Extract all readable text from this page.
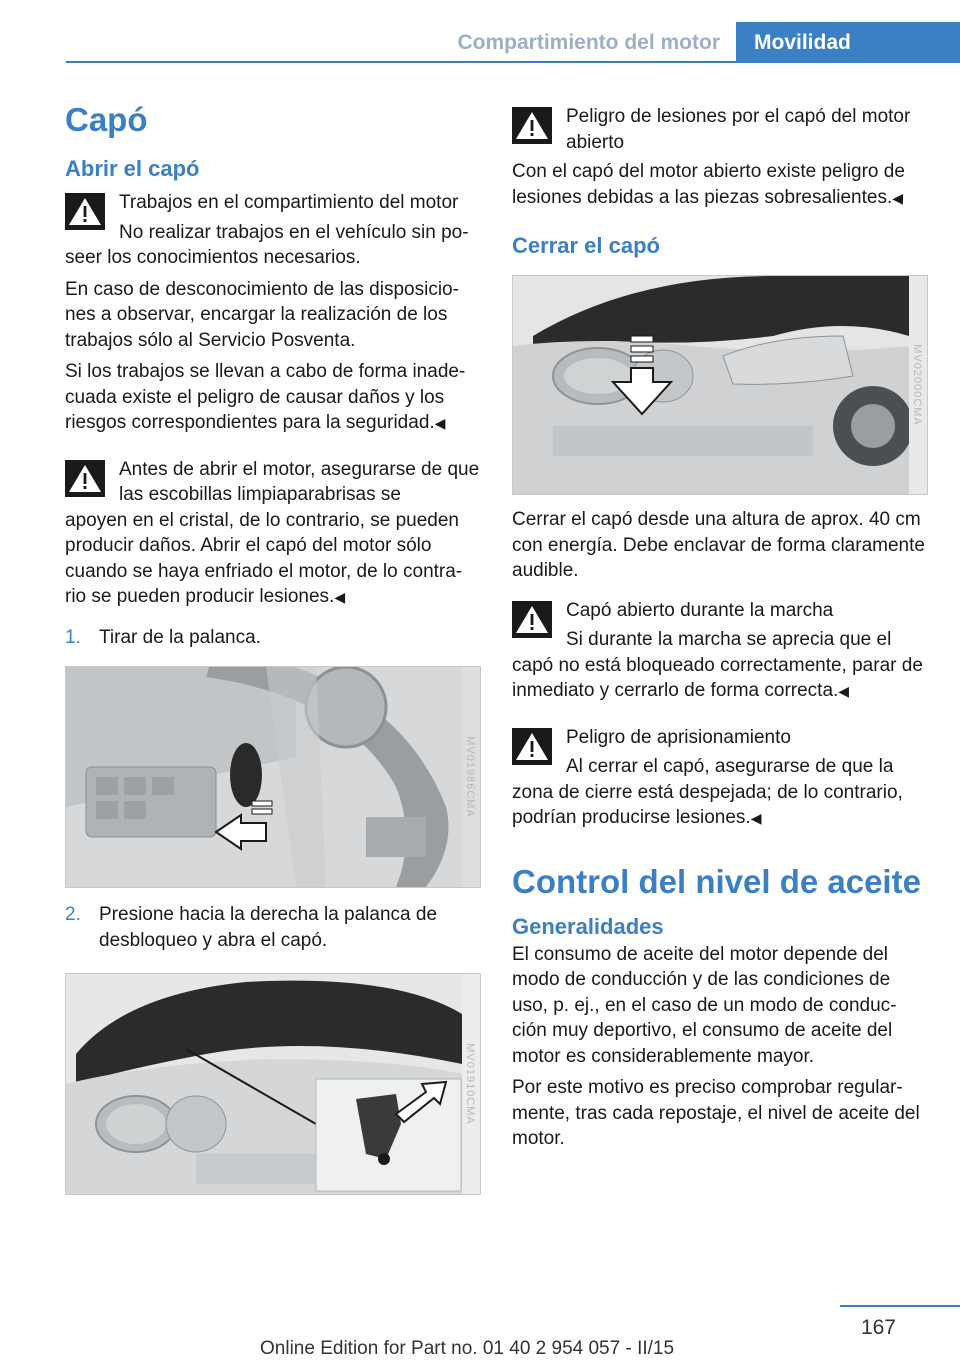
Compartimiento del motor	Movilidad
Capó
Abrir el capó
Trabajos en el compartimiento del motor
No realizar trabajos en el vehículo sin po‐

seer los conocimientos necesarios.

En caso de desconocimiento de las disposicio‐ nes a observar, encargar la realización de los trabajos sólo al Servicio Posventa.

Si los trabajos se llevan a cabo de forma inade‐ cuada existe el peligro de causar daños y los riesgos correspondientes para la seguridad.◀

Antes de abrir el motor, asegurarse de que las escobillas limpiaparabrisas se

apoyen en el cristal, de lo contrario, se pueden producir daños. Abrir el capó del motor sólo cuando se haya enfriado el motor, de lo contra‐ rio se pueden producir lesiones.◀

1. Tirar de la palanca.
MV01986CMA
2. Presione hacia la derecha la palanca de desbloqueo y abra el capó.
MV01910CMA
Peligro de lesiones por el capó del motor abierto

Con el capó del motor abierto existe peligro de lesiones debidas a las piezas sobresalientes.◀

Cerrar el capó
MV02000CMA

Cerrar el capó desde una altura de aprox. 40 cm con energía. Debe enclavar de forma claramente audible.

Capó abierto durante la marcha
Si durante la marcha se aprecia que el

capó no está bloqueado correctamente, parar de inmediato y cerrarlo de forma correcta.◀

Peligro de aprisionamiento
Al cerrar el capó, asegurarse de que la

zona de cierre está despejada; de lo contrario, podrían producirse lesiones.◀

Control del nivel de aceite
Generalidades

El consumo de aceite del motor depende del modo de conducción y de las condiciones de uso, p. ej., en el caso de un modo de conduc‐ ción muy deportivo, el consumo de aceite del motor es considerablemente mayor.

Por este motivo es preciso comprobar regular‐ mente, tras cada repostaje, el nivel de aceite del motor.

167
Online Edition for Part no. 01 40 2 954 057 - II/15
